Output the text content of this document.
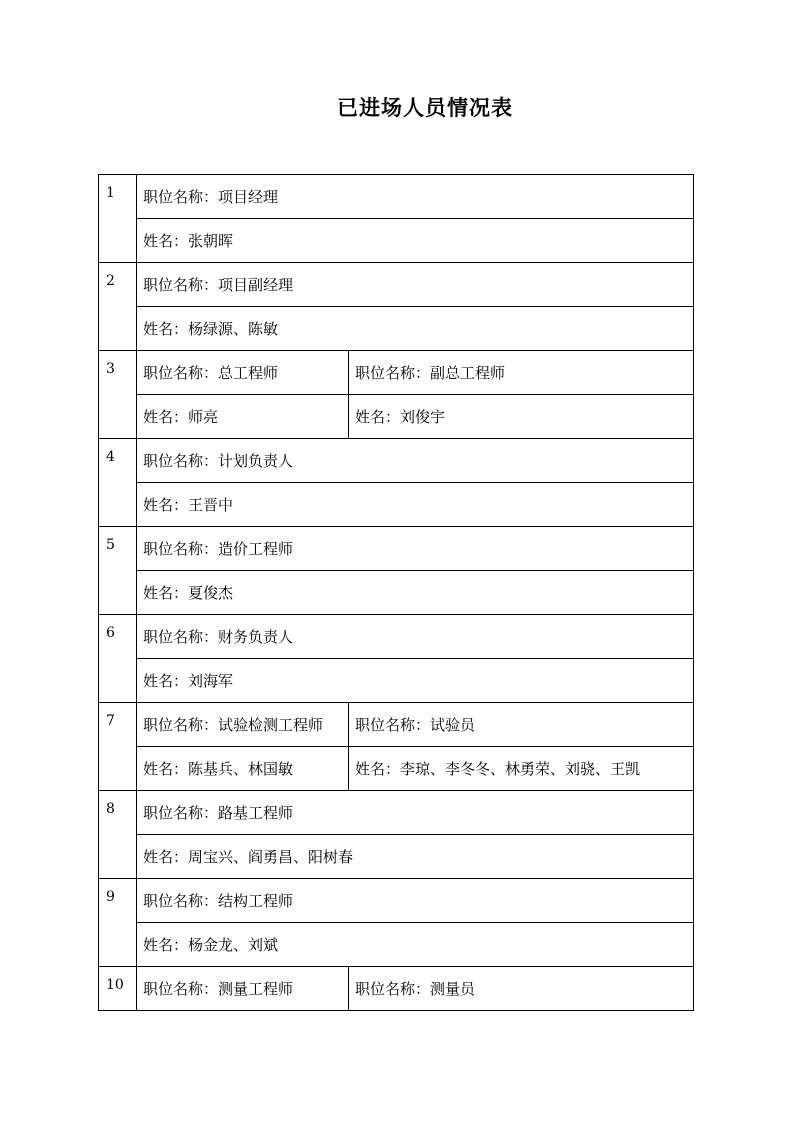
已进场人员情况表
1	职位名称：项目经理	
	姓名：张朝晖	
2	职位名称：项目副经理	
	姓名：杨绿源、陈敏	
3	职位名称：总工程师	职位名称：副总工程师
	姓名：师亮	姓名：刘俊宇
4	职位名称：计划负责人	
	姓名：王晋中	
5	职位名称：造价工程师	
	姓名：夏俊杰	
6	职位名称：财务负责人	
	姓名：刘海军	
7	职位名称：试验检测工程师	职位名称：试验员
	姓名：陈基兵、林国敏	姓名：李琼、李冬冬、林勇荣、刘骁、王凯
8	职位名称：路基工程师	
	姓名：周宝兴、阎勇昌、阳树春	
9	职位名称：结构工程师	
	姓名：杨金龙、刘斌	
10	职位名称：测量工程师	职位名称：测量员
